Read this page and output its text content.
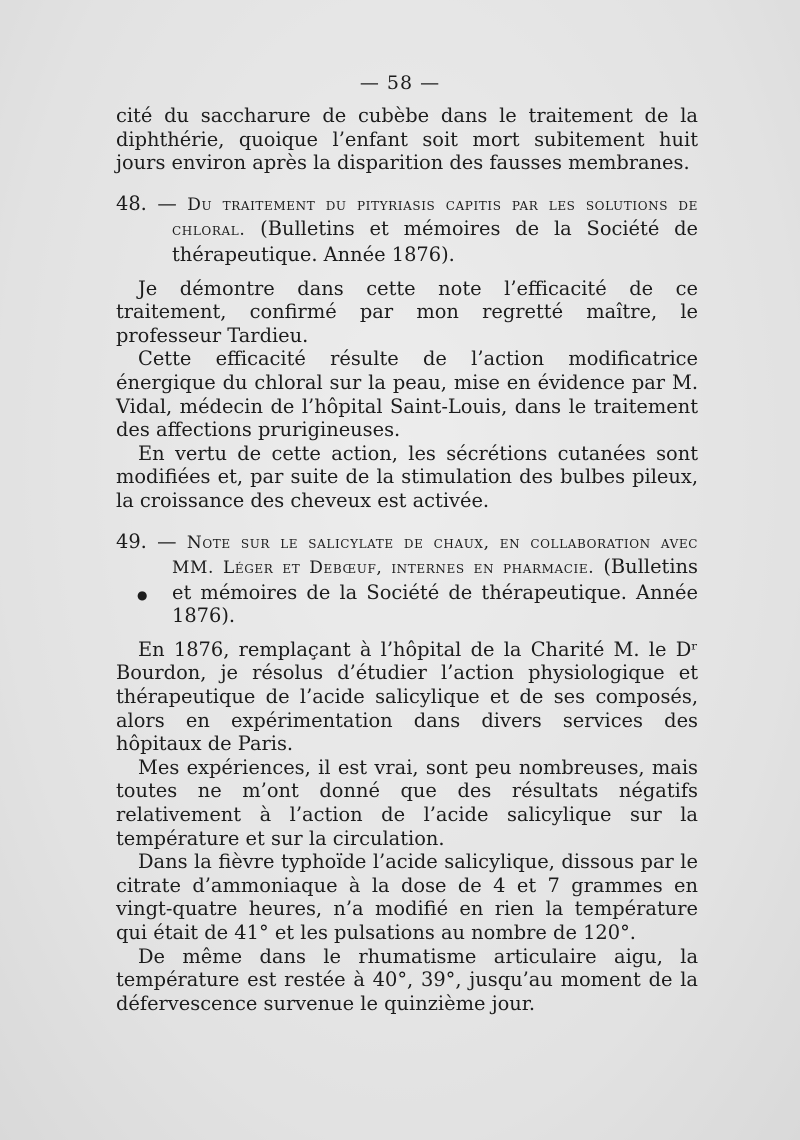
— 58 —

cité du saccharure de cubèbe dans le traitement de la diphthérie, quoique l’enfant soit mort subitement huit jours environ après la disparition des fausses membranes.

48. — Du traitement du pityriasis capitis par les solutions de chloral. (Bulletins et mémoires de la Société de thérapeutique. Année 1876).

Je démontre dans cette note l’efficacité de ce traitement, confirmé par mon regretté maître, le professeur Tardieu.

Cette efficacité résulte de l’action modificatrice énergique du chloral sur la peau, mise en évidence par M. Vidal, médecin de l’hôpital Saint-Louis, dans le traitement des affections prurigineuses.

En vertu de cette action, les sécrétions cutanées sont modifiées et, par suite de la stimulation des bulbes pileux, la croissance des cheveux est activée.

49. — Note sur le salicylate de chaux, en collaboration avec MM. Léger et Debœuf, internes en pharmacie. (Bulletins et mémoires de la Société de thérapeutique. Année 1876).

En 1876, remplaçant à l’hôpital de la Charité M. le Dʳ Bourdon, je résolus d’étudier l’action physiologique et thérapeutique de l’acide salicylique et de ses composés, alors en expérimentation dans divers services des hôpitaux de Paris.

Mes expériences, il est vrai, sont peu nombreuses, mais toutes ne m’ont donné que des résultats négatifs relativement à l’action de l’acide salicylique sur la température et sur la circulation.

Dans la fièvre typhoïde l’acide salicylique, dissous par le citrate d’ammoniaque à la dose de 4 et 7 grammes en vingt-quatre heures, n’a modifié en rien la température qui était de 41° et les pulsations au nombre de 120°.

De même dans le rhumatisme articulaire aigu, la température est restée à 40°, 39°, jusqu’au moment de la défervescence survenue le quinzième jour.

●
